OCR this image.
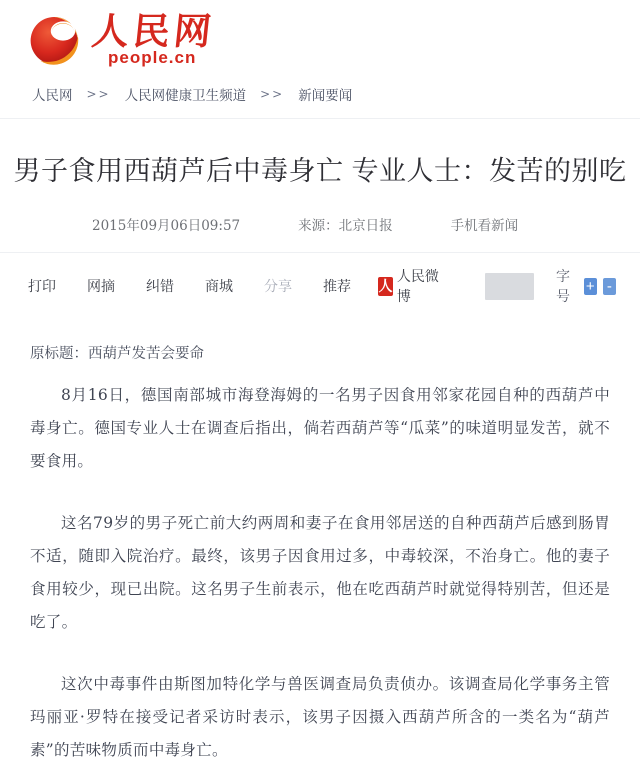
人民网
people.cn
人民网 >> 人民网健康卫生频道 >> 新闻要闻
男子食用西葫芦后中毒身亡 专业人士：发苦的别吃
2015年09月06日09:57	来源： 北京日报	手机看新闻
打印 网摘 纠错 商城 分享 推荐 人
人民微博
字号
+ -
原标题：西葫芦发苦会要命

8月16日，德国南部城市海登海姆的一名男子因食用邻家花园自种的西葫芦中毒身亡。德国专业人士在调查后指出，倘若西葫芦等“瓜菜”的味道明显发苦，就不要食用。

这名79岁的男子死亡前大约两周和妻子在食用邻居送的自种西葫芦后感到肠胃不适，随即入院治疗。最终，该男子因食用过多，中毒较深，不治身亡。他的妻子食用较少，现已出院。这名男子生前表示，他在吃西葫芦时就觉得特别苦，但还是吃了。

这次中毒事件由斯图加特化学与兽医调查局负责侦办。该调查局化学事务主管玛丽亚·罗特在接受记者采访时表示，该男子因摄入西葫芦所含的一类名为“葫芦素”的苦味物质而中毒身亡。
